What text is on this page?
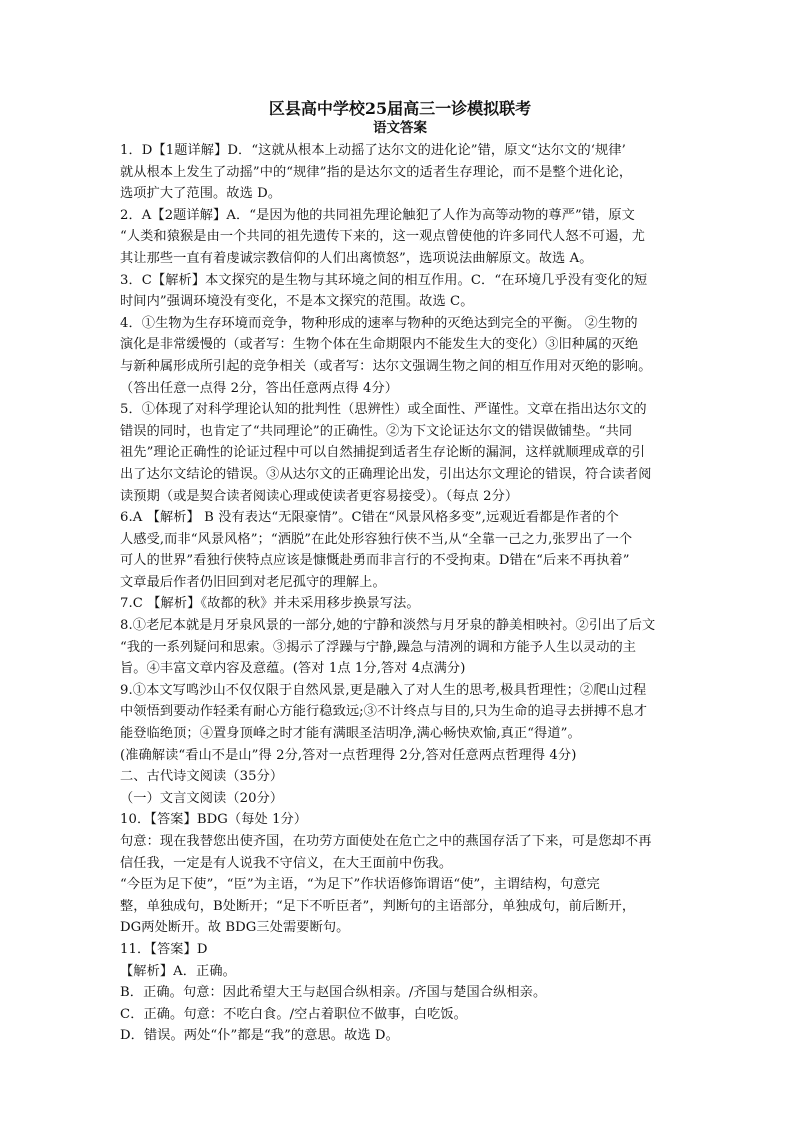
区县高中学校25届高三一诊模拟联考
语文答案

1．D【1题详解】D．“这就从根本上动摇了达尔文的进化论”错，原文“达尔文的‘规律’
就从根本上发生了动摇”中的“规律”指的是达尔文的适者生存理论，而不是整个进化论，
选项扩大了范围。故选 D。

2．A【2题详解】A．“是因为他的共同祖先理论触犯了人作为高等动物的尊严”错，原文
“人类和猿猴是由一个共同的祖先遗传下来的，这一观点曾使他的许多同代人怒不可遏，尤
其让那些一直有着虔诚宗教信仰的人们出离愤怒”，选项说法曲解原文。故选 A。

3．C【解析】本文探究的是生物与其环境之间的相互作用。C．“在环境几乎没有变化的短
时间内”强调环境没有变化，不是本文探究的范围。故选 C。

4．①生物为生存环境而竞争，物种形成的速率与物种的灭绝达到完全的平衡。 ②生物的
演化是非常缓慢的（或者写：生物个体在生命期限内不能发生大的变化）③旧种属的灭绝
与新种属形成所引起的竞争相关（或者写：达尔文强调生物之间的相互作用对灭绝的影响。
（答出任意一点得 2分，答出任意两点得 4分）

5．①体现了对科学理论认知的批判性（思辨性）或全面性、严谨性。文章在指出达尔文的
错误的同时，也肯定了“共同理论”的正确性。②为下文论证达尔文的错误做铺垫。“共同
祖先”理论正确性的论证过程中可以自然捕捉到适者生存论断的漏洞，这样就顺理成章的引
出了达尔文结论的错误。③从达尔文的正确理论出发，引出达尔文理论的错误，符合读者阅
读预期（或是契合读者阅读心理或使读者更容易接受）。（每点 2分）

6.A 【解析】 B 没有表达“无限豪情”。C错在“风景风格多变”,远观近看都是作者的个
人感受,而非“风景风格”；“洒脱”在此处形容独行侠不当,从“全靠一己之力,张罗出了一个
可人的世界”看独行侠特点应该是慷慨赴勇而非言行的不受拘束。D错在“后来不再执着”
文章最后作者仍旧回到对老尼孤守的理解上。

7.C 【解析】《故都的秋》并未采用移步换景写法。

8.①老尼本就是月牙泉风景的一部分,她的宁静和淡然与月牙泉的静美相映衬。②引出了后文
“我的一系列疑问和思索。③揭示了浮躁与宁静,躁急与清冽的调和方能予人生以灵动的主
旨。④丰富文章内容及意蕴。(答对 1点 1分,答对 4点满分)

9.①本文写鸣沙山不仅仅限于自然风景,更是融入了对人生的思考,极具哲理性；②爬山过程
中领悟到要动作轻柔有耐心方能行稳致远;③不计终点与目的,只为生命的追寻去拼搏不息才
能登临绝顶；④置身顶峰之时才能有满眼圣洁明净,满心畅快欢愉,真正“得道”。
(准确解读“看山不是山”得 2分,答对一点哲理得 2分,答对任意两点哲理得 4分)

二、古代诗文阅读（35分）

（一）文言文阅读（20分）

10．【答案】BDG（每处 1分）

句意：现在我替您出使齐国，在功劳方面使处在危亡之中的燕国存活了下来，可是您却不再
信任我，一定是有人说我不守信义，在大王面前中伤我。

“今臣为足下使”，“臣”为主语，“为足下”作状语修饰谓语“使”，主谓结构，句意完
整，单独成句，B处断开；“足下不听臣者”，判断句的主语部分，单独成句，前后断开，
DG两处断开。故 BDG三处需要断句。

11．【答案】D

【解析】A．正确。

B．正确。句意：因此希望大王与赵国合纵相亲。/齐国与楚国合纵相亲。

C．正确。句意：不吃白食。/空占着职位不做事，白吃饭。

D．错误。两处“仆”都是“我”的意思。故选 D。
